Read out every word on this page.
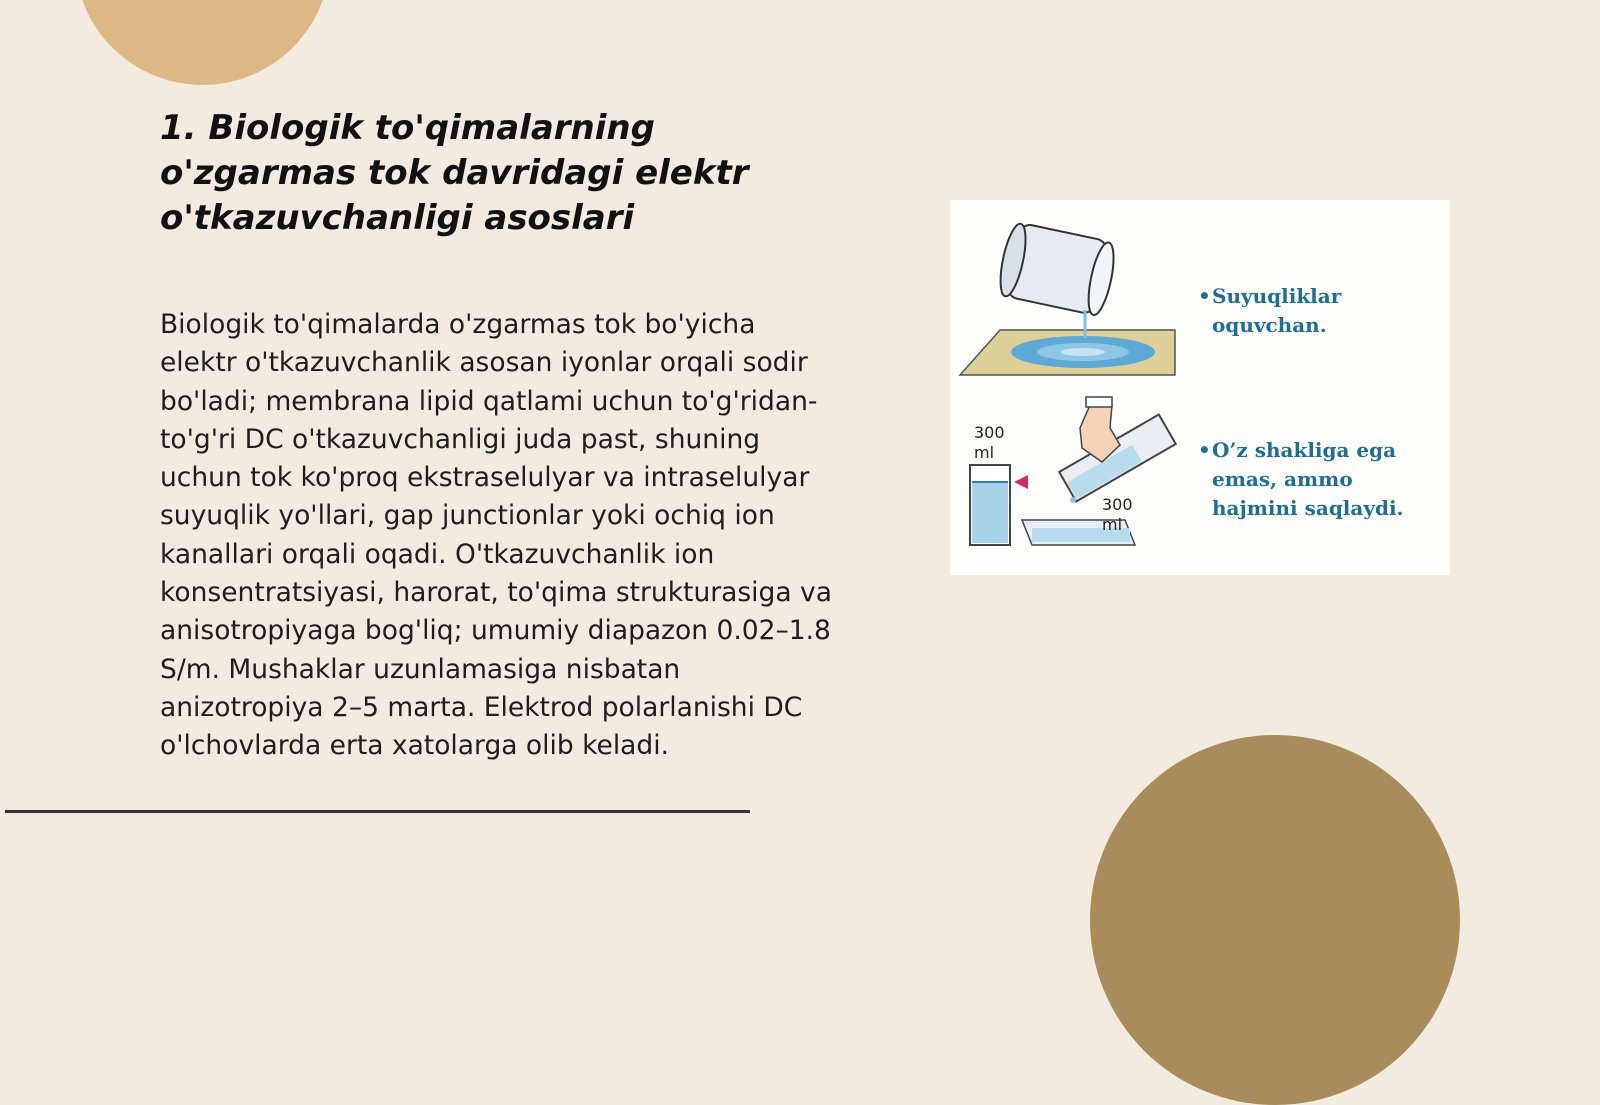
1. Biologik to'qimalarning o'zgarmas tok davridagi elektr o'tkazuvchanligi asoslari

Biologik to'qimalarda o'zgarmas tok bo'yicha elektr o'tkazuvchanlik asosan iyonlar orqali sodir bo'ladi; membrana lipid qatlami uchun to'g'ridan-to'g'ri DC o'tkazuvchanligi juda past, shuning uchun tok ko'proq ekstraselulyar va intraselulyar suyuqlik yo'llari, gap junctionlar yoki ochiq ion kanallari orqali oqadi. O'tkazuvchanlik ion konsentratsiyasi, harorat, to'qima strukturasiga va anisotropiyaga bog'liq; umumiy diapazon 0.02–1.8 S/m. Mushaklar uzunlamasiga nisbatan anizotropiya 2–5 marta. Elektrod polarlanishi DC o'lchovlarda erta xatolarga olib keladi.

300 ml
300 ml
• Suyuqliklar oquvchan.
• O’z shakliga ega emas, ammo hajmini saqlaydi.
